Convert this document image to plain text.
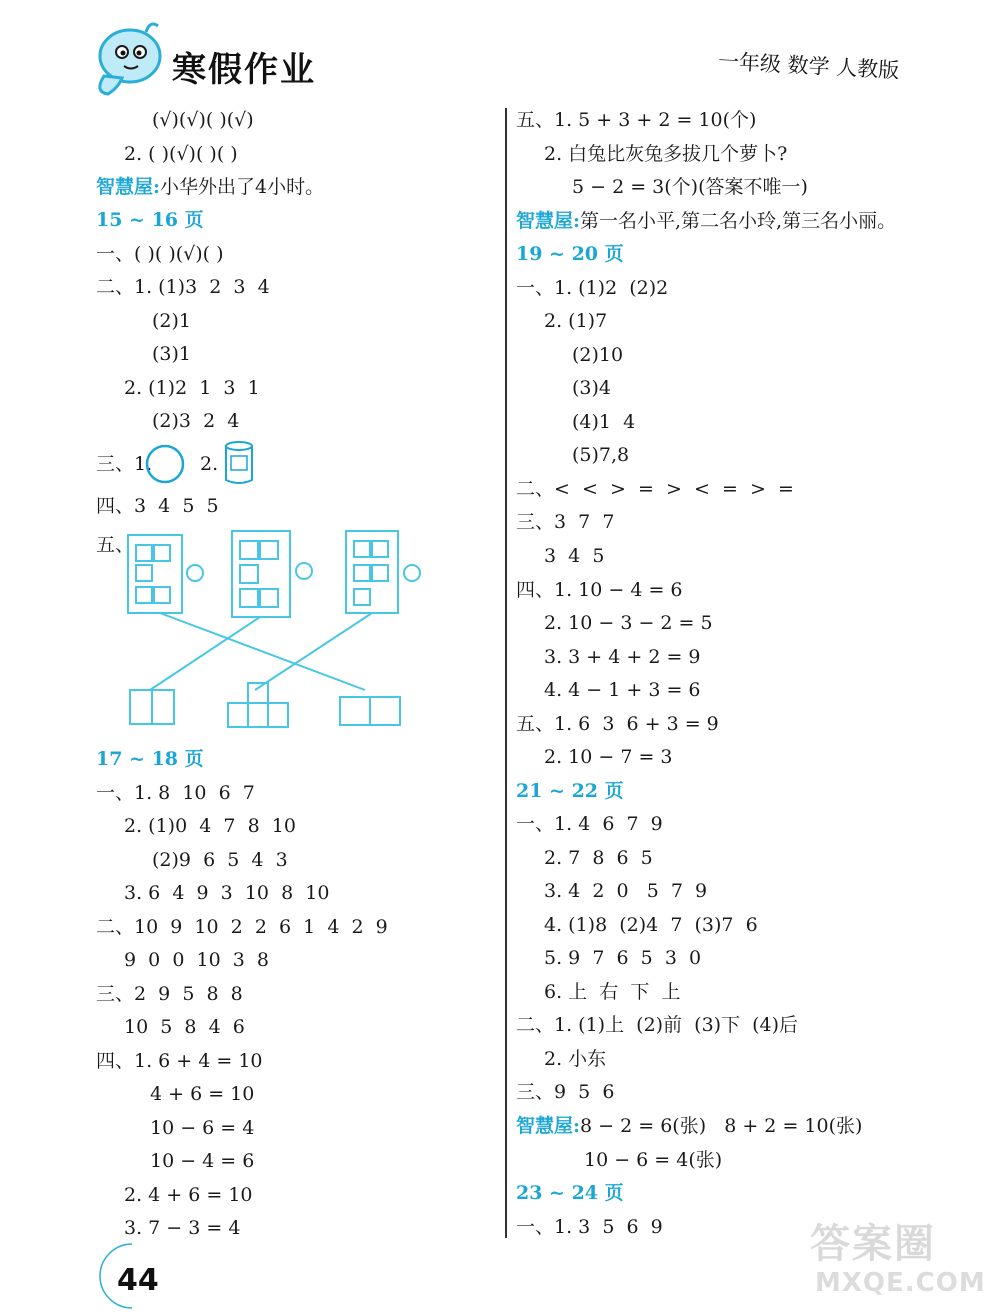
寒假作业	一年级 数学 人教版
(√)(√)( )(√)
2. ( )(√)( )( )
智慧屋:小华外出了4小时。
15 ~ 16 页
一、( )( )(√)( )
二、1. (1)3  2  3  4
(2)1
(3)1
2. (1)2  1  3  1
(2)3  2  4
三、1.	2.
四、3  4  5  5
五、
17 ~ 18 页
一、1. 8  10  6  7
2. (1)0  4  7  8  10
(2)9  6  5  4  3
3. 6  4  9  3  10  8  10
二、10  9  10  2  2  6  1  4  2  9
9  0  0  10  3  8
三、2  9  5  8  8
10  5  8  4  6
四、1. 6 + 4 = 10
4 + 6 = 10
10 − 6 = 4
10 − 4 = 6
2. 4 + 6 = 10
3. 7 − 3 = 4
五、1. 5 + 3 + 2 = 10(个)
2. 白兔比灰兔多拔几个萝卜?
5 − 2 = 3(个)(答案不唯一)
智慧屋:第一名小平,第二名小玲,第三名小丽。
19 ~ 20 页
一、1. (1)2  (2)2
2. (1)7
(2)10
(3)4
(4)1  4
(5)7,8
二、<  <  >  =  >  <  =  >  =
三、3  7  7
3  4  5
四、1. 10 − 4 = 6
2. 10 − 3 − 2 = 5
3. 3 + 4 + 2 = 9
4. 4 − 1 + 3 = 6
五、1. 6  3  6 + 3 = 9
2. 10 − 7 = 3
21 ~ 22 页
一、1. 4  6  7  9
2. 7  8  6  5
3. 4  2  0   5  7  9
4. (1)8  (2)4  7  (3)7  6
5. 9  7  6  5  3  0
6. 上  右  下  上
二、1. (1)上  (2)前  (3)下  (4)后
2. 小东
三、9  5  6
智慧屋:8 − 2 = 6(张)   8 + 2 = 10(张)
10 − 6 = 4(张)
23 ~ 24 页
一、1. 3  5  6  9
44
答案圈
MXQE.COM
